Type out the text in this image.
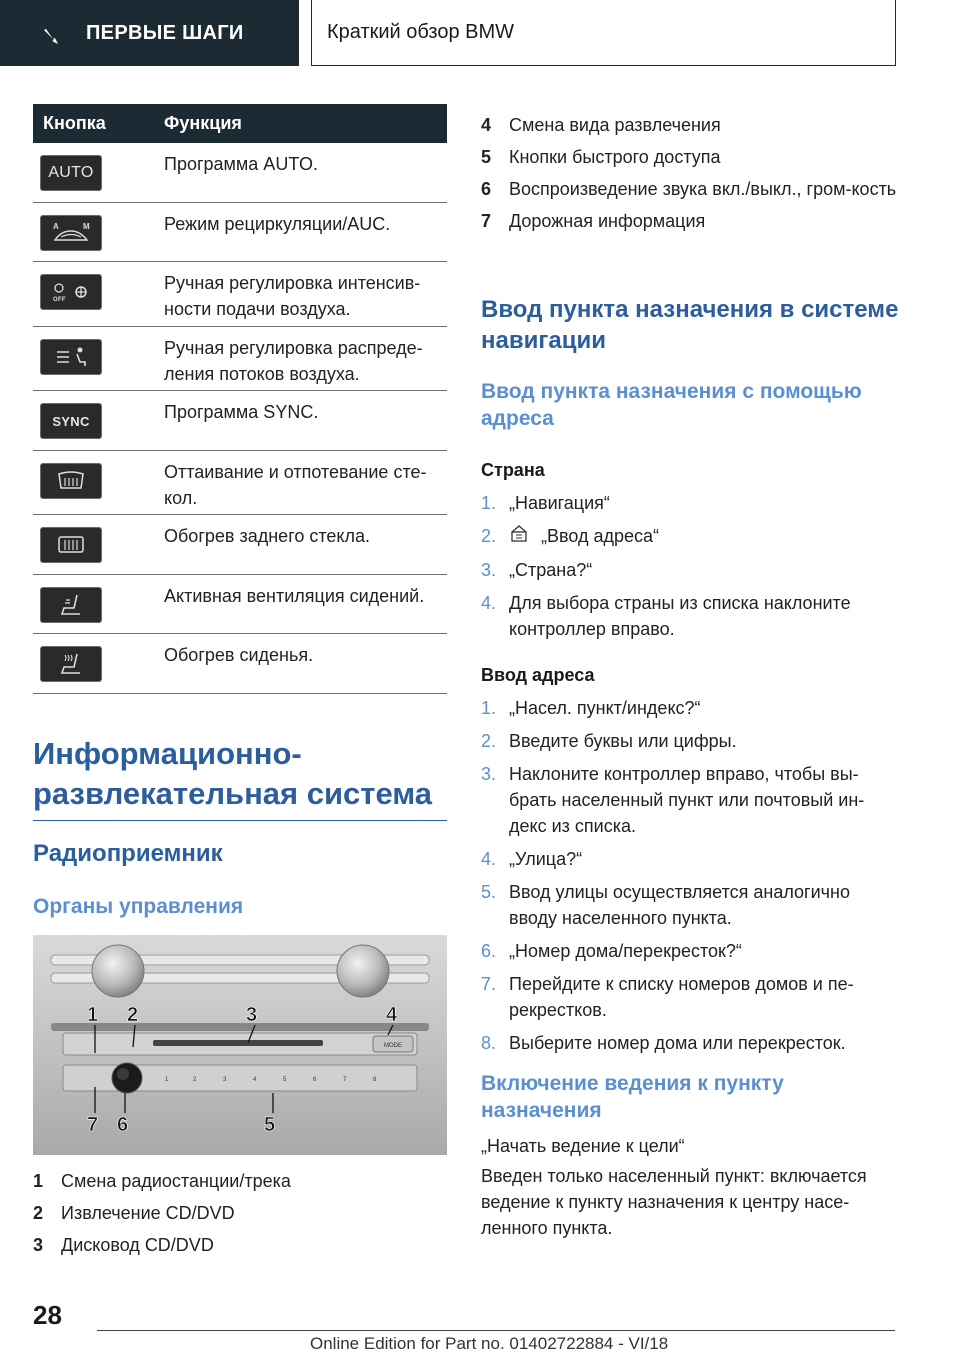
ПЕРВЫЕ ШАГИ	Краткий обзор BMW
Кнопка	Функция
AUTO	Программа AUTO.
A	M	Режим рециркуляции/AUC.
OFF
Ручная регулировка интенсив-ности подачи воздуха.
Ручная регулировка распреде-ления потоков воздуха.
SYNC	Программа SYNC.
Оттаивание и отпотевание сте-кол.
Обогрев заднего стекла.
Активная вентиляция сидений.
Обогрев сиденья.
Информационно-развлекательная система
Радиоприемник
Органы управления
MODE
1	2	3	4	5	6	7	8
1 2	3	4
5
6
7
1 Смена радиостанции/трека
2 Извлечение CD/DVD
3 Дисковод CD/DVD
4 Смена вида развлечения
5 Кнопки быстрого доступа
6 Воспроизведение звука вкл./выкл., гром-кость
7 Дорожная информация
Ввод пункта назначения в системе навигации
Ввод пункта назначения с помощью адреса
Страна
1. „Навигация“
2.	„Ввод адреса“
3. „Страна?“
4. Для выбора страны из списка наклоните контроллер вправо.
Ввод адреса
1. „Насел. пункт/индекс?“
2. Введите буквы или цифры.
3. Наклоните контроллер вправо, чтобы вы-брать населенный пункт или почтовый ин-декс из списка.
4. „Улица?“
5. Ввод улицы осуществляется аналогично вводу населенного пункта.
6. „Номер дома/перекресток?“
7. Перейдите к списку номеров домов и пе-рекрестков.
8. Выберите номер дома или перекресток.
Включение ведения к пункту назначения
„Начать ведение к цели“
Введен только населенный пункт: включается ведение к пункту назначения к центру насе-ленного пункта.
28
Online Edition for Part no. 01402722884 - VI/18
